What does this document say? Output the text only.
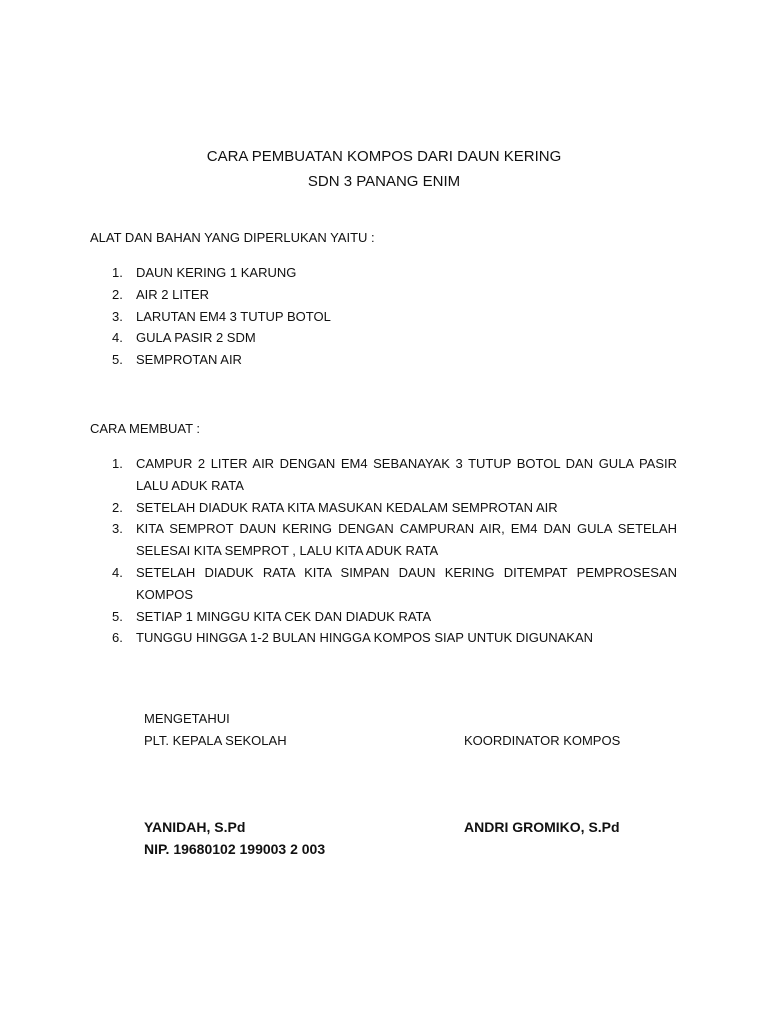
CARA PEMBUATAN KOMPOS DARI DAUN KERING
SDN 3 PANANG ENIM
ALAT DAN BAHAN YANG DIPERLUKAN YAITU :
1. DAUN KERING 1 KARUNG
2. AIR 2 LITER
3. LARUTAN EM4 3 TUTUP BOTOL
4. GULA PASIR 2 SDM
5. SEMPROTAN AIR
CARA MEMBUAT :
1. CAMPUR 2 LITER AIR DENGAN EM4 SEBANAYAK 3 TUTUP BOTOL DAN GULA PASIR LALU ADUK RATA
2. SETELAH DIADUK RATA KITA MASUKAN KEDALAM SEMPROTAN AIR
3. KITA SEMPROT DAUN KERING DENGAN CAMPURAN AIR, EM4 DAN GULA SETELAH SELESAI KITA SEMPROT , LALU KITA ADUK RATA
4. SETELAH DIADUK RATA KITA SIMPAN DAUN KERING DITEMPAT PEMPROSESAN KOMPOS
5. SETIAP 1 MINGGU KITA CEK DAN DIADUK RATA
6. TUNGGU HINGGA 1-2 BULAN HINGGA KOMPOS SIAP UNTUK DIGUNAKAN
MENGETAHUI
PLT. KEPALA SEKOLAH	KOORDINATOR KOMPOS
YANIDAH, S.Pd
NIP. 19680102 199003 2 003
ANDRI GROMIKO, S.Pd
